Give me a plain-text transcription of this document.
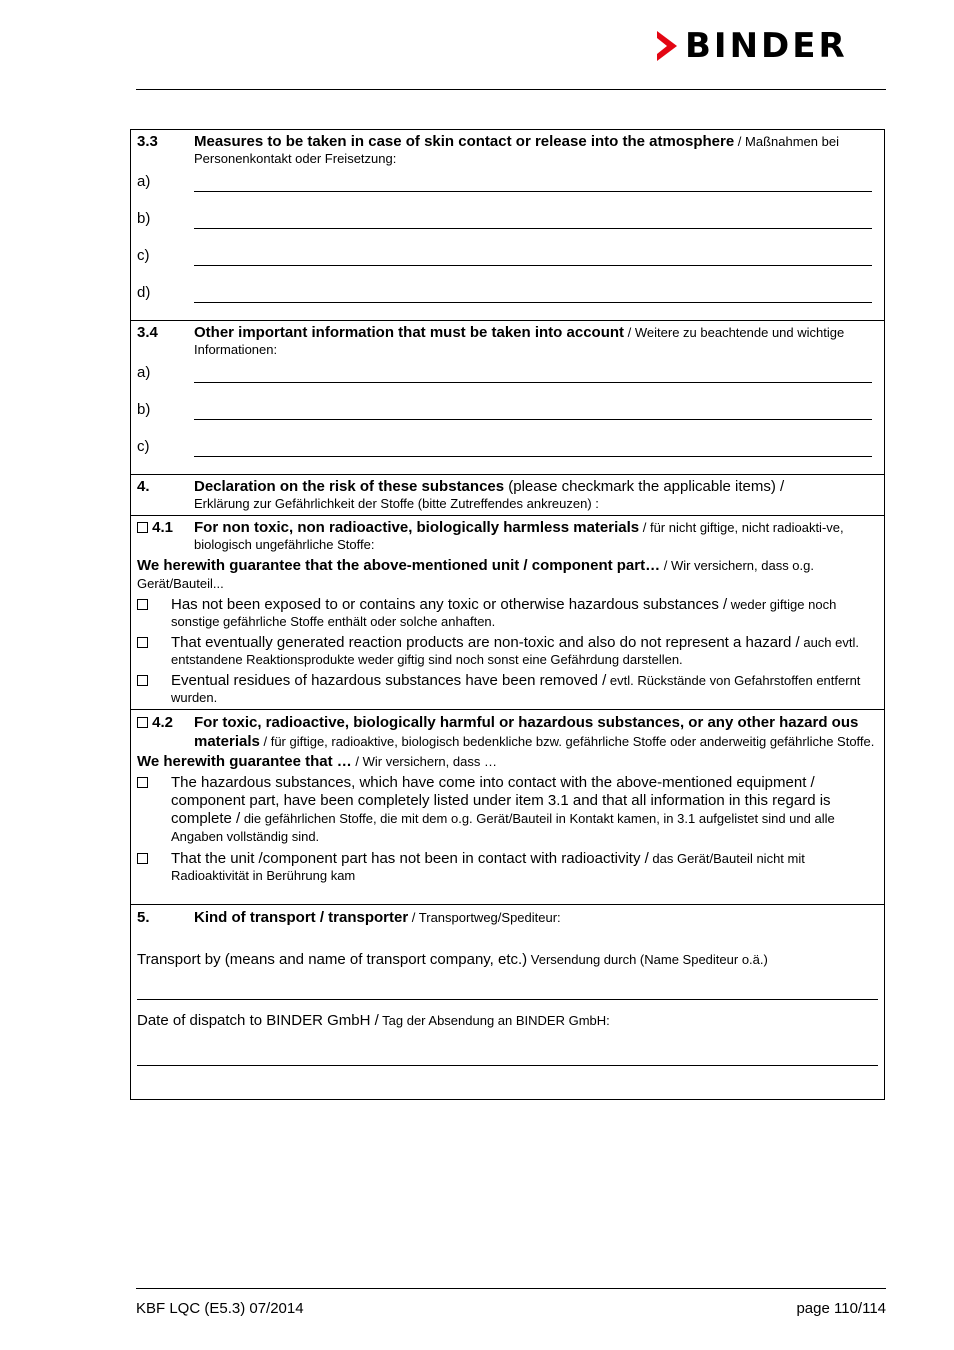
BINDER
3.3	Measures to be taken in case of skin contact or release into the atmosphere / Maßnahmen bei Personenkontakt oder Freisetzung:
a)
b)
c)
d)
3.4	Other important information that must be taken into account / Weitere zu beachtende und wichtige Informationen:
a)
b)
c)
4.	Declaration on the risk of these substances (please checkmark the applicable items) /
Erklärung zur Gefährlichkeit der Stoffe (bitte Zutreffendes ankreuzen) :
4.1	For non toxic, non radioactive, biologically harmless materials / für nicht giftige, nicht radioakti-ve, biologisch ungefährliche Stoffe:
We herewith guarantee that the above-mentioned unit / component part… / Wir versichern, dass o.g. Gerät/Bauteil...
Has not been exposed to or contains any toxic or otherwise hazardous substances / weder giftige noch sonstige gefährliche Stoffe enthält oder solche anhaften.
That eventually generated reaction products are non-toxic and also do not represent a hazard / auch evtl. entstandene Reaktionsprodukte weder giftig sind noch sonst eine Gefährdung darstellen.
Eventual residues of hazardous substances have been removed / evtl. Rückstände von Gefahrstoffen entfernt wurden.
4.2	For toxic, radioactive, biologically harmful or hazardous substances, or any other hazard ous materials / für giftige, radioaktive, biologisch bedenkliche bzw. gefährliche Stoffe oder anderweitig gefährliche Stoffe.
We herewith guarantee that … / Wir versichern, dass …
The hazardous substances, which have come into contact with the above-mentioned equipment / component part, have been completely listed under item 3.1 and that all information in this regard is complete / die gefährlichen Stoffe, die mit dem o.g. Gerät/Bauteil in Kontakt kamen, in 3.1 aufgelistet sind und alle Angaben vollständig sind.
That the unit /component part has not been in contact with radioactivity / das Gerät/Bauteil nicht mit Radioaktivität in Berührung kam
5.	Kind of transport / transporter / Transportweg/Spediteur:
Transport by (means and name of transport company, etc.) Versendung durch (Name Spediteur o.ä.)
Date of dispatch to BINDER GmbH / Tag der Absendung an BINDER GmbH:
KBF LQC (E5.3) 07/2014	page 110/114
